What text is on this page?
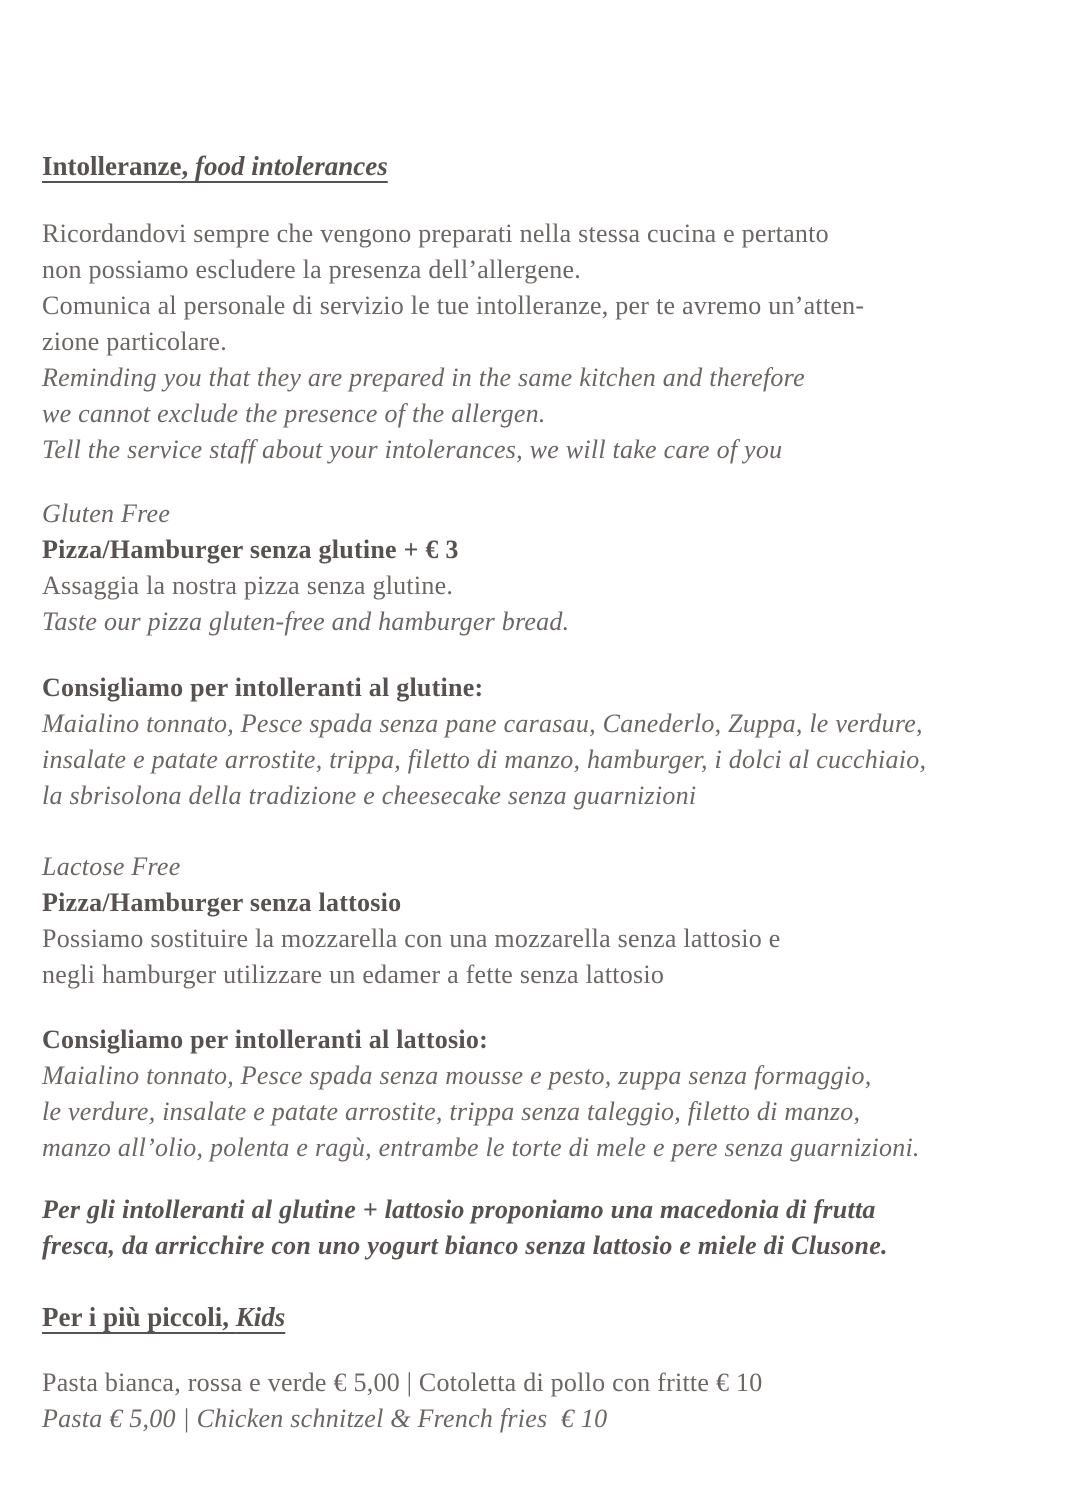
Intolleranze, food intolerances

Ricordandovi sempre che vengono preparati nella stessa cucina e pertanto

non possiamo escludere la presenza dell’allergene.

Comunica al personale di servizio le tue intolleranze, per te avremo un’atten-

zione particolare.

Reminding you that they are prepared in the same kitchen and therefore

we cannot exclude the presence of the allergen.

Tell the service staff about your intolerances, we will take care of you

Gluten Free

Pizza/Hamburger senza glutine + € 3

Assaggia la nostra pizza senza glutine.

Taste our pizza gluten-free and hamburger bread.

Consigliamo per intolleranti al glutine:

Maialino tonnato, Pesce spada senza pane carasau, Canederlo, Zuppa, le verdure,

insalate e patate arrostite, trippa, filetto di manzo, hamburger, i dolci al cucchiaio,

la sbrisolona della tradizione e cheesecake senza guarnizioni

Lactose Free

Pizza/Hamburger senza lattosio

Possiamo sostituire la mozzarella con una mozzarella senza lattosio e

negli hamburger utilizzare un edamer a fette senza lattosio

Consigliamo per intolleranti al lattosio:

Maialino tonnato, Pesce spada senza mousse e pesto, zuppa senza formaggio,

le verdure, insalate e patate arrostite, trippa senza taleggio, filetto di manzo,

manzo all’olio, polenta e ragù, entrambe le torte di mele e pere senza guarnizioni.

Per gli intolleranti al glutine + lattosio proponiamo una macedonia di frutta

fresca, da arricchire con uno yogurt bianco senza lattosio e miele di Clusone.

Per i più piccoli, Kids

Pasta bianca, rossa e verde € 5,00 | Cotoletta di pollo con fritte € 10

Pasta € 5,00 | Chicken schnitzel & French fries  € 10
